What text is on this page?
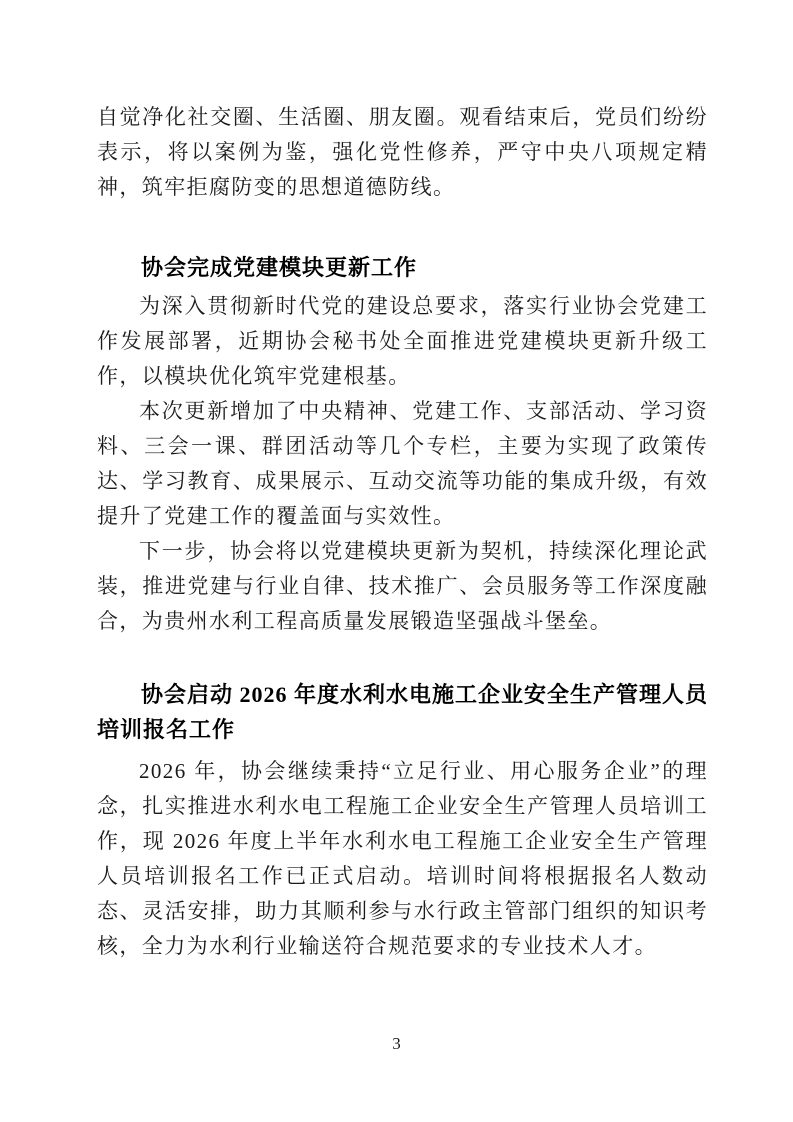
自觉净化社交圈、生活圈、朋友圈。观看结束后，党员们纷纷表示，将以案例为鉴，强化党性修养，严守中央八项规定精神，筑牢拒腐防变的思想道德防线。

协会完成党建模块更新工作

为深入贯彻新时代党的建设总要求，落实行业协会党建工作发展部署，近期协会秘书处全面推进党建模块更新升级工作，以模块优化筑牢党建根基。

本次更新增加了中央精神、党建工作、支部活动、学习资料、三会一课、群团活动等几个专栏，主要为实现了政策传达、学习教育、成果展示、互动交流等功能的集成升级，有效提升了党建工作的覆盖面与实效性。

下一步，协会将以党建模块更新为契机，持续深化理论武装，推进党建与行业自律、技术推广、会员服务等工作深度融合，为贵州水利工程高质量发展锻造坚强战斗堡垒。

协会启动 2026 年度水利水电施工企业安全生产管理人员培训报名工作

2026 年，协会继续秉持“立足行业、用心服务企业”的理念，扎实推进水利水电工程施工企业安全生产管理人员培训工作，现 2026 年度上半年水利水电工程施工企业安全生产管理人员培训报名工作已正式启动。培训时间将根据报名人数动态、灵活安排，助力其顺利参与水行政主管部门组织的知识考核，全力为水利行业输送符合规范要求的专业技术人才。

3
